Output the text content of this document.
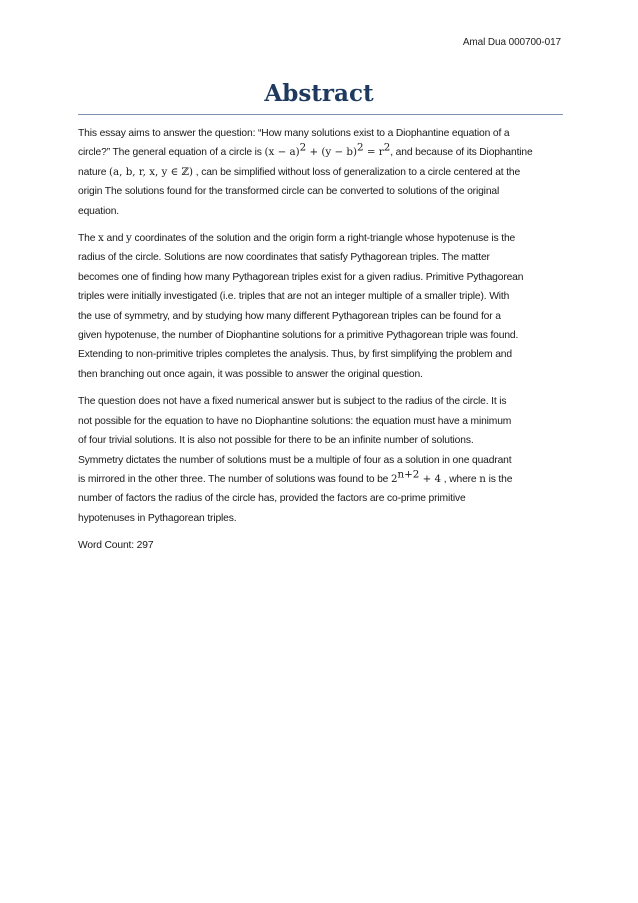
Amal Dua 000700-017
Abstract
This essay aims to answer the question: “How many solutions exist to a Diophantine equation of a
circle?” The general equation of a circle is $(x - a)^2 + (y - b)^2 = r^2$, and because of its Diophantine
nature (a, b, r, x, y ∈ ℤ) , can be simplified without loss of generalization to a circle centered at the
origin The solutions found for the transformed circle can be converted to solutions of the original
equation.
The x and y coordinates of the solution and the origin form a right-triangle whose hypotenuse is the
radius of the circle. Solutions are now coordinates that satisfy Pythagorean triples. The matter
becomes one of finding how many Pythagorean triples exist for a given radius. Primitive Pythagorean
triples were initially investigated (i.e. triples that are not an integer multiple of a smaller triple). With
the use of symmetry, and by studying how many different Pythagorean triples can be found for a
given hypotenuse, the number of Diophantine solutions for a primitive Pythagorean triple was found.
Extending to non-primitive triples completes the analysis. Thus, by first simplifying the problem and
then branching out once again, it was possible to answer the original question.
The question does not have a fixed numerical answer but is subject to the radius of the circle. It is
not possible for the equation to have no Diophantine solutions: the equation must have a minimum
of four trivial solutions. It is also not possible for there to be an infinite number of solutions.
Symmetry dictates the number of solutions must be a multiple of four as a solution in one quadrant
is mirrored in the other three. The number of solutions was found to be $2^{n+2} + 4$ , where n is the
number of factors the radius of the circle has, provided the factors are co-prime primitive
hypotenuses in Pythagorean triples.
Word Count: 297
